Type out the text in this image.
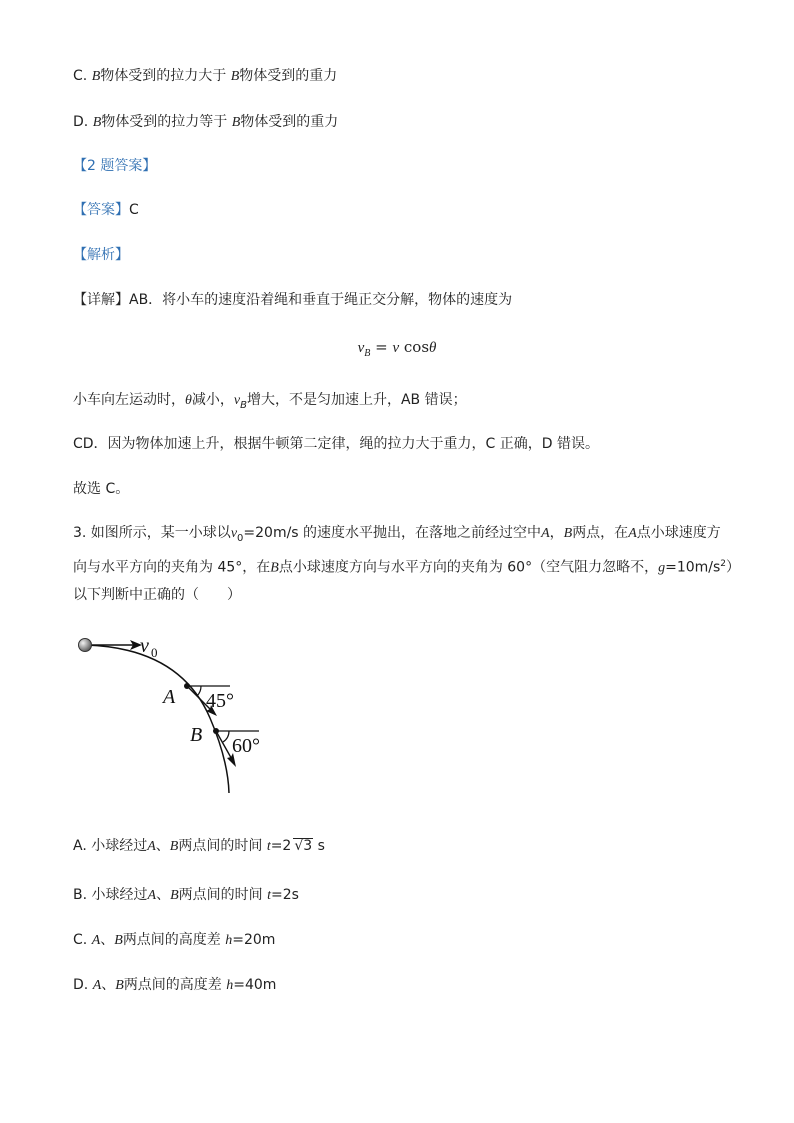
C. B物体受到的拉力大于 B物体受到的重力
D. B物体受到的拉力等于 B物体受到的重力
【2 题答案】
【答案】C
【解析】
【详解】AB．将小车的速度沿着绳和垂直于绳正交分解，物体的速度为
$v_B = v$ cosθ
小车向左运动时，θ减小，$v_B$增大，不是匀加速上升，AB 错误；
CD．因为物体加速上升，根据牛顿第二定律，绳的拉力大于重力，C 正确，D 错误。
故选 C。
3. 如图所示，某一小球以$v_0=20m/s$ 的速度水平抛出，在落地之前经过空中A，B两点，在A点小球速度方
向与水平方向的夹角为 45°，在B点小球速度方向与水平方向的夹角为 60°（空气阻力忽略不，$g=10m/s^2$）
以下判断中正确的（　　）
v 0
A 45°
B 60°
A. 小球经过A、B两点间的时间 t=2 √3 s
B. 小球经过A、B两点间的时间 t=2s
C. A、B两点间的高度差 h=20m
D. A、B两点间的高度差 h=40m
